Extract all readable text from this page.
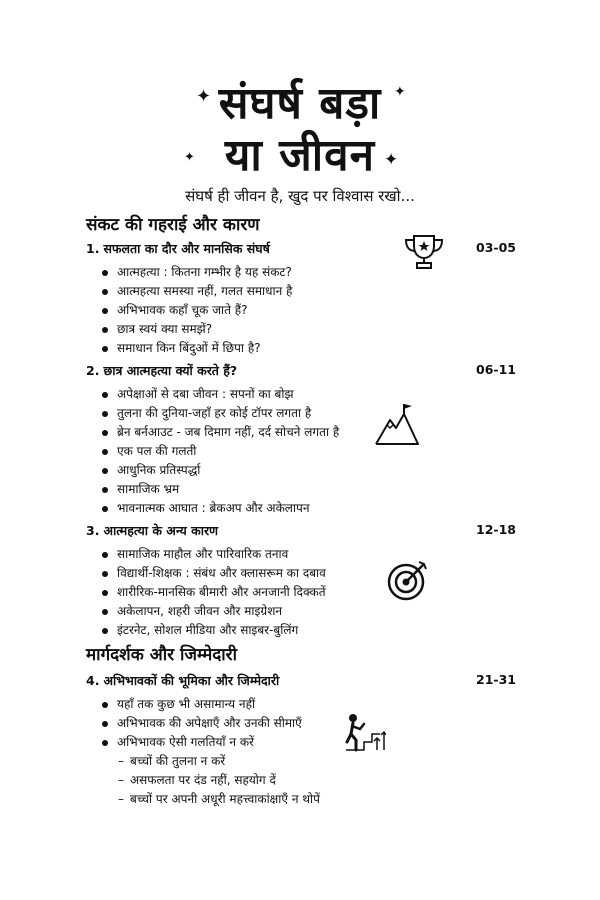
संघर्ष बड़ा
या जीवन
संघर्ष ही जीवन है, खुद पर विश्वास रखो...
✦	✦
✦	✦
संकट की गहराई और कारण
1. सफलता का दौर और मानसिक संघर्ष	03-05
आत्महत्या : कितना गम्भीर है यह संकट?
आत्महत्या समस्या नहीं, गलत समाधान है
अभिभावक कहाँ चूक जाते हैं?
छात्र स्वयं क्या समझें?
समाधान किन बिंदुओं में छिपा है?
2. छात्र आत्महत्या क्यों करते हैं?	06-11
अपेक्षाओं से दबा जीवन : सपनों का बोझ
तुलना की दुनिया-जहाँ हर कोई टॉपर लगता है
ब्रेन बर्नआउट - जब दिमाग नहीं, दर्द सोचने लगता है
एक पल की गलती
आधुनिक प्रतिस्पर्द्धा
सामाजिक भ्रम
भावनात्मक आघात : ब्रेकअप और अकेलापन
3. आत्महत्या के अन्य कारण	12-18
सामाजिक माहौल और पारिवारिक तनाव
विद्यार्थी-शिक्षक : संबंध और क्लासरूम का दबाव
शारीरिक-मानसिक बीमारी और अनजानी दिक्कतें
अकेलापन, शहरी जीवन और माइग्रेशन
इंटरनेट, सोशल मीडिया और साइबर-बुलिंग
मार्गदर्शक और जिम्मेदारी
4. अभिभावकों की भूमिका और जिम्मेदारी	21-31
यहाँ तक कुछ भी असामान्य नहीं
अभिभावक की अपेक्षाएँ और उनकी सीमाएँ
अभिभावक ऐसी गलतियाँ न करें
– बच्चों की तुलना न करें
– असफलता पर दंड नहीं, सहयोग दें
– बच्चों पर अपनी अधूरी महत्त्वाकांक्षाएँ न थोपें
